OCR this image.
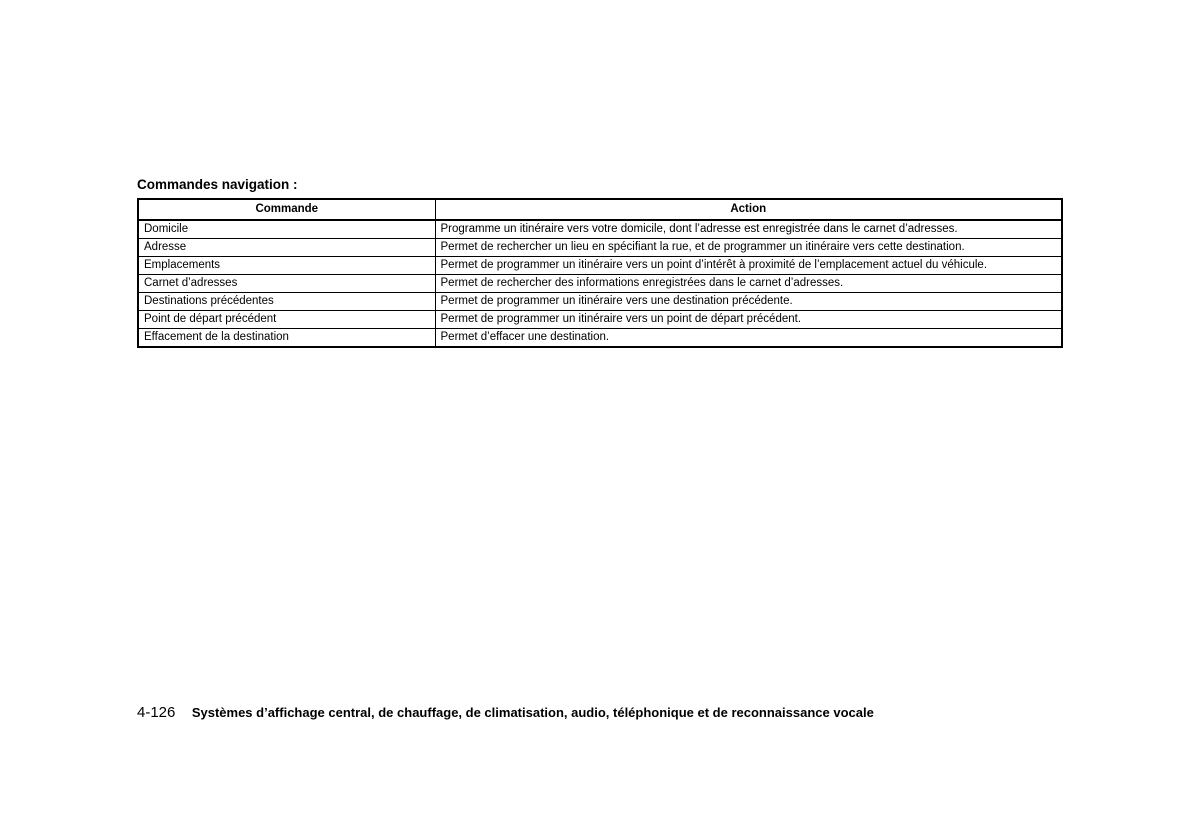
Commandes navigation :
Commande	Action
Domicile	Programme un itinéraire vers votre domicile, dont l’adresse est enregistrée dans le carnet d’adresses.
Adresse	Permet de rechercher un lieu en spécifiant la rue, et de programmer un itinéraire vers cette destination.
Emplacements	Permet de programmer un itinéraire vers un point d’intérêt à proximité de l’emplacement actuel du véhicule.
Carnet d’adresses	Permet de rechercher des informations enregistrées dans le carnet d’adresses.
Destinations précédentes	Permet de programmer un itinéraire vers une destination précédente.
Point de départ précédent	Permet de programmer un itinéraire vers un point de départ précédent.
Effacement de la destination	Permet d’effacer une destination.
4-126 Systèmes d’affichage central, de chauffage, de climatisation, audio, téléphonique et de reconnaissance vocale
